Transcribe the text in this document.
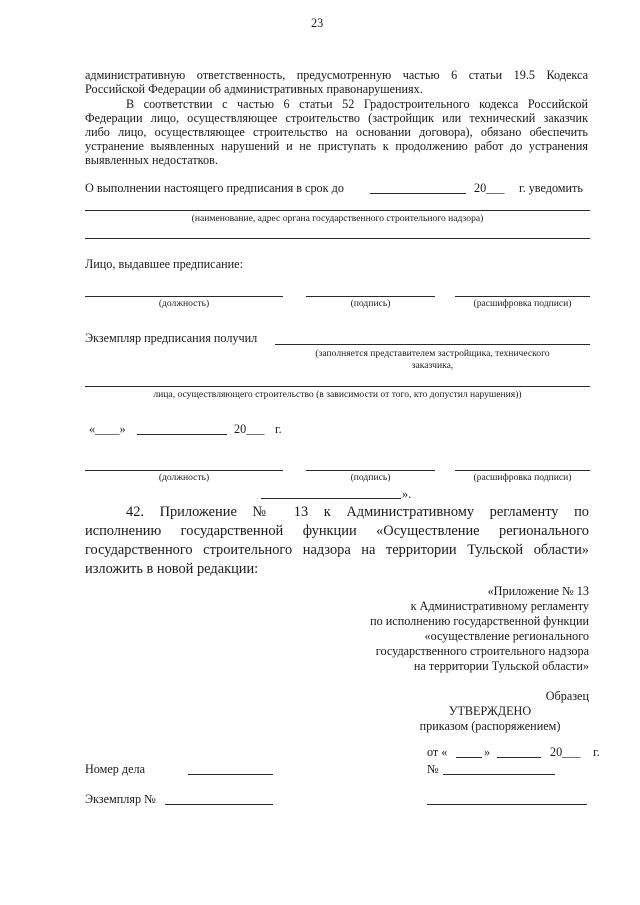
23
административную ответственность, предусмотренную частью 6 статьи 19.5 Кодекса
Российской Федерации об административных правонарушениях.
В соответствии с частью 6 статьи 52 Градостроительного кодекса Российской
Федерации лицо, осуществляющее строительство (застройщик или технический заказчик
либо лицо, осуществляющее строительство на основании договора), обязано обеспечить
устранение выявленных нарушений и не приступать к продолжению работ до устранения
выявленных недостатков.
О выполнении настоящего предписания в срок до	20___ г. уведомить
(наименование, адрес органа государственного строительного надзора)
Лицо, выдавшее предписание:
(должность)	(подпись)	(расшифровка подписи)
Экземпляр предписания получил
(заполняется представителем застройщика, технического
заказчика,
лица, осуществляющего строительство (в зависимости от того, кто допустил нарушения))
«____»	20___ г.
(должность)	(подпись)	(расшифровка подписи)
».
42. Приложение № 13 к Административному регламенту по
исполнению государственной функции «Осуществление регионального
государственного строительного надзора на территории Тульской области»
изложить в новой редакции:
«Приложение № 13
к Административному регламенту
по исполнению государственной функции
«осуществление регионального
государственного строительного надзора
на территории Тульской области»
Образец
УТВЕРЖДЕНО
приказом (распоряжением)
от «	»	20___ г.
№
Номер дела
Экземпляр №
